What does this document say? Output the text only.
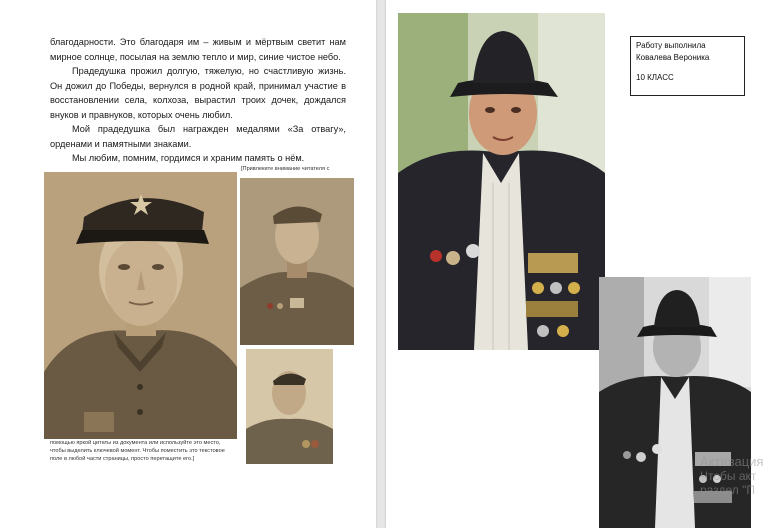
благодарности. Это благодаря им – живым и мёртвым светит нам мирное солнце, посылая на землю тепло и мир, синие чистое небо.
Прадедушка прожил долгую, тяжелую, но счастливую жизнь. Он дожил до Победы, вернулся в родной край, принимал участие в восстановлении села, колхоза, вырастил троих дочек, дождался внуков и правнуков, которых очень любил.
Мой прадедушка был награжден медалями «За отвагу», орденами и памятными знаками.
Мы любим, помним, гордимся и храним память о нём.
[Привлеките внимание читателя с
помощью яркой цитаты из документа или используйте это место, чтобы выделить ключевой момент. Чтобы поместить это текстовое поле в любой части страницы, просто перетащите его.]
Работу выполнила
Ковалева Вероника
10 КЛАСС
Активация
Чтобы акт
раздел "П
